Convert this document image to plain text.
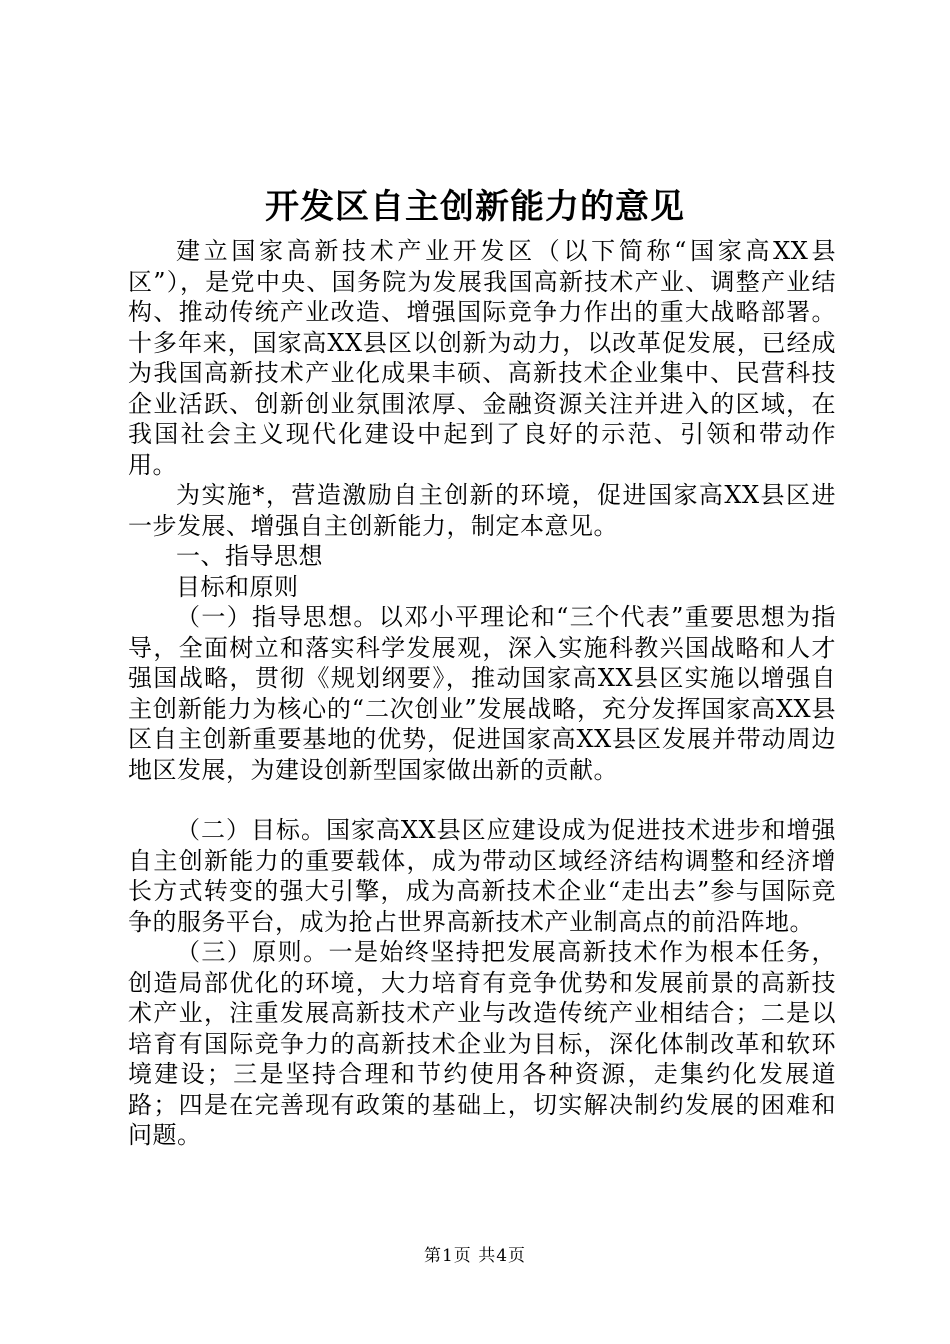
开发区自主创新能力的意见

建立国家高新技术产业开发区（以下简称“国家高XX县区”），是党中央、国务院为发展我国高新技术产业、调整产业结构、推动传统产业改造、增强国际竞争力作出的重大战略部署。十多年来，国家高XX县区以创新为动力，以改革促发展，已经成为我国高新技术产业化成果丰硕、高新技术企业集中、民营科技企业活跃、创新创业氛围浓厚、金融资源关注并进入的区域，在我国社会主义现代化建设中起到了良好的示范、引领和带动作用。

为实施*，营造激励自主创新的环境，促进国家高XX县区进一步发展、增强自主创新能力，制定本意见。

一、指导思想

目标和原则

（一）指导思想。以邓小平理论和“三个代表”重要思想为指导，全面树立和落实科学发展观，深入实施科教兴国战略和人才强国战略，贯彻《规划纲要》，推动国家高XX县区实施以增强自主创新能力为核心的“二次创业”发展战略，充分发挥国家高XX县区自主创新重要基地的优势，促进国家高XX县区发展并带动周边地区发展，为建设创新型国家做出新的贡献。

（二）目标。国家高XX县区应建设成为促进技术进步和增强自主创新能力的重要载体，成为带动区域经济结构调整和经济增长方式转变的强大引擎，成为高新技术企业“走出去”参与国际竞争的服务平台，成为抢占世界高新技术产业制高点的前沿阵地。

（三）原则。一是始终坚持把发展高新技术作为根本任务，创造局部优化的环境，大力培育有竞争优势和发展前景的高新技术产业，注重发展高新技术产业与改造传统产业相结合；二是以培育有国际竞争力的高新技术企业为目标，深化体制改革和软环境建设；三是坚持合理和节约使用各种资源，走集约化发展道路；四是在完善现有政策的基础上，切实解决制约发展的困难和问题。

第1页 共4页
